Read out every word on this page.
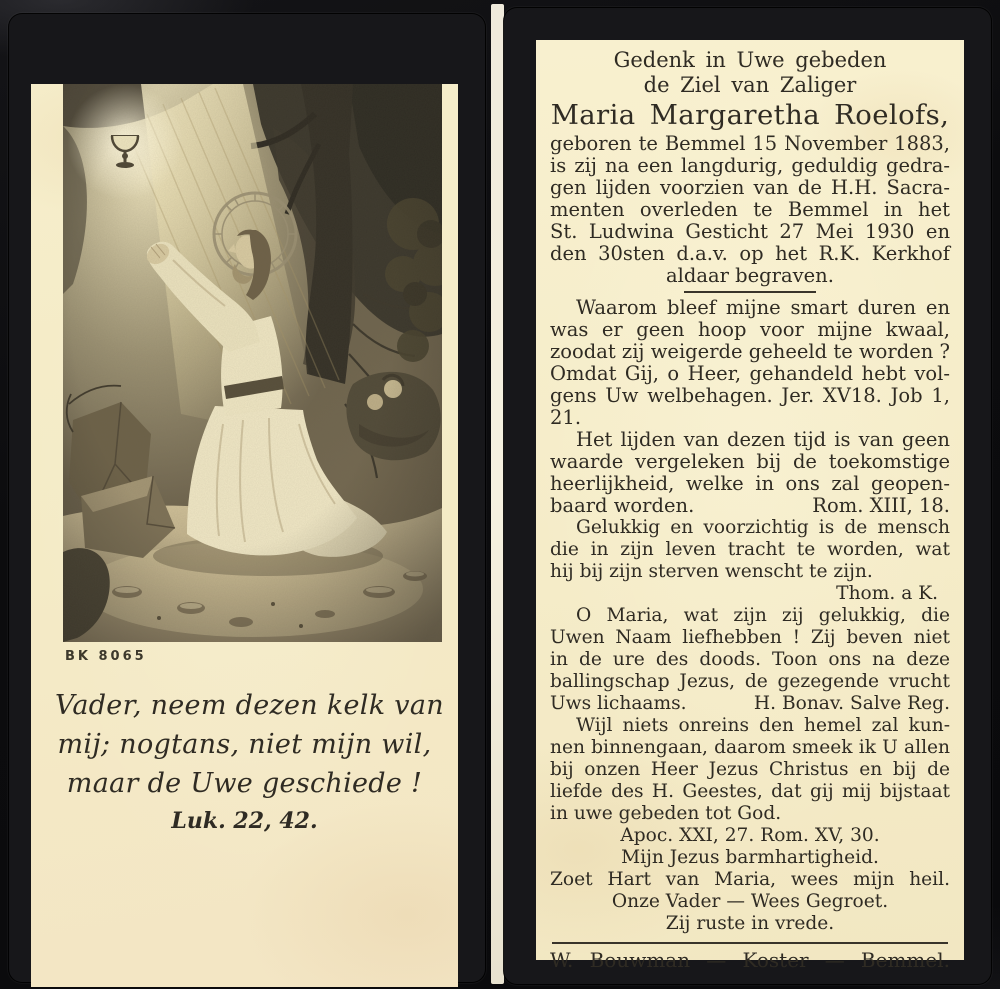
BK 8065
Vader, neem dezen kelk van
mij; nogtans, niet mijn wil,
maar de Uwe geschiede !
Luk. 22, 42.
Gedenk in Uwe gebeden
de Ziel van Zaliger
Maria Margaretha Roelofs,
geboren te Bemmel 15 November 1883,
is zij na een langdurig, geduldig gedra-
gen lijden voorzien van de H.H. Sacra-
menten overleden te Bemmel in het
St. Ludwina Gesticht 27 Mei 1930 en
den 30sten d.a.v. op het R.K. Kerkhof
aldaar begraven.
Waarom bleef mijne smart duren en
was er geen hoop voor mijne kwaal,
zoodat zij weigerde geheeld te worden ?
Omdat Gij, o Heer, gehandeld hebt vol-
gens Uw welbehagen. Jer. XV18. Job 1, 21.
Het lijden van dezen tijd is van geen
waarde vergeleken bij de toekomstige
heerlijkheid, welke in ons zal geopen-
baard worden.	Rom. XIII, 18.
Gelukkig en voorzichtig is de mensch
die in zijn leven tracht te worden, wat
hij bij zijn sterven wenscht te zijn.
Thom. a K.
O Maria, wat zijn zij gelukkig, die
Uwen Naam liefhebben ! Zij beven niet
in de ure des doods. Toon ons na deze
ballingschap Jezus, de gezegende vrucht
Uws lichaams.	H. Bonav. Salve Reg.
Wijl niets onreins den hemel zal kun-
nen binnengaan, daarom smeek ik U allen
bij onzen Heer Jezus Christus en bij de
liefde des H. Geestes, dat gij mij bijstaat
in uwe gebeden tot God.
Apoc. XXI, 27. Rom. XV, 30.
Mijn Jezus barmhartigheid.
Zoet Hart van Maria, wees mijn heil.
Onze Vader — Wees Gegroet.
Zij ruste in vrede.
W. Bouwman — Koster — Bemmel.
